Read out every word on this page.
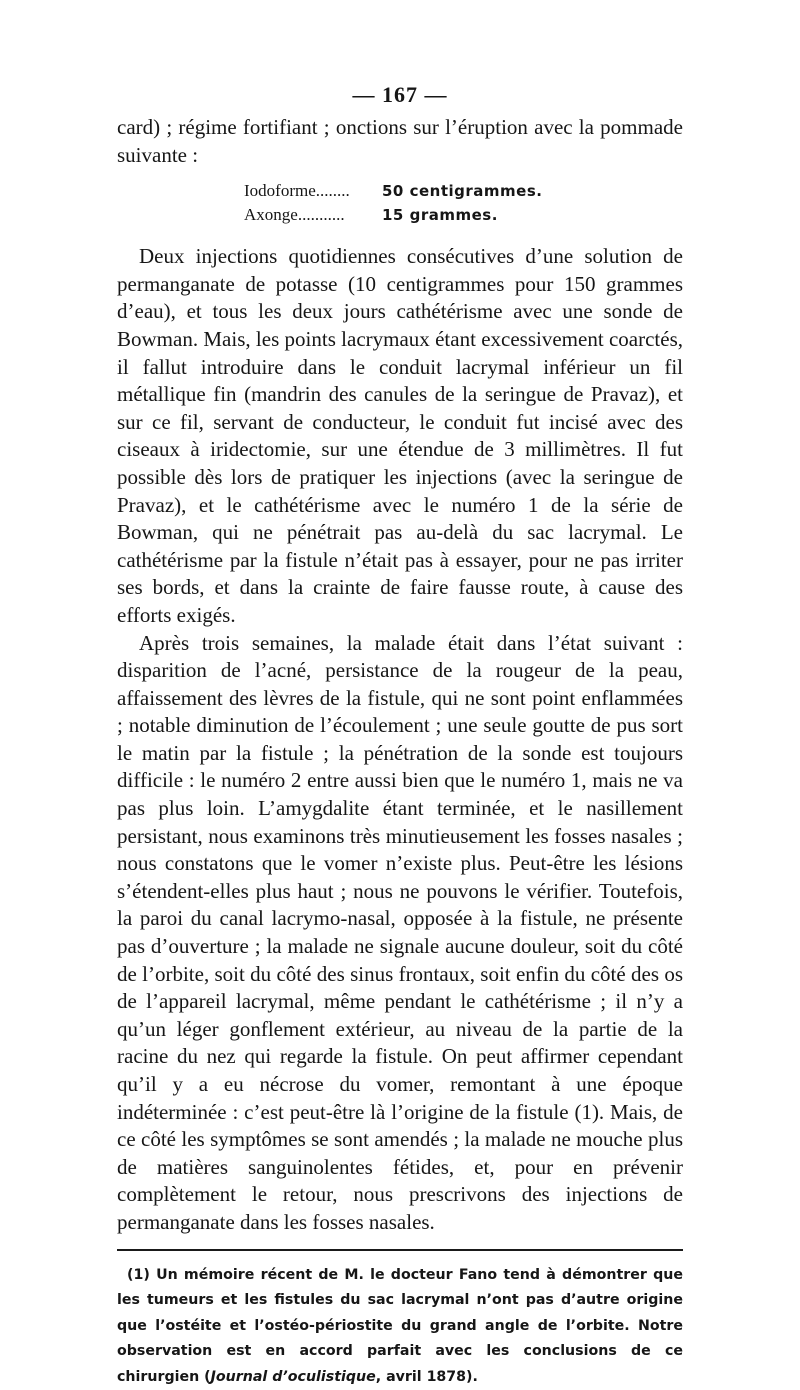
— 167 —

card) ; régime fortifiant ; onctions sur l’éruption avec la pommade suivante :

Iodoforme........	50 centigrammes.
Axonge...........	15 grammes.

Deux injections quotidiennes consécutives d’une solution de permanganate de potasse (10 centigrammes pour 150 grammes d’eau), et tous les deux jours cathétérisme avec une sonde de Bowman. Mais, les points lacrymaux étant excessivement coarctés, il fallut introduire dans le conduit lacrymal inférieur un fil métallique fin (mandrin des canules de la seringue de Pravaz), et sur ce fil, servant de conducteur, le conduit fut incisé avec des ciseaux à iridectomie, sur une étendue de 3 millimètres. Il fut possible dès lors de pratiquer les injections (avec la seringue de Pravaz), et le cathétérisme avec le numéro 1 de la série de Bowman, qui ne pénétrait pas au-delà du sac lacrymal. Le cathétérisme par la fistule n’était pas à essayer, pour ne pas irriter ses bords, et dans la crainte de faire fausse route, à cause des efforts exigés.

Après trois semaines, la malade était dans l’état suivant : disparition de l’acné, persistance de la rougeur de la peau, affaissement des lèvres de la fistule, qui ne sont point enflammées ; notable diminution de l’écoulement ; une seule goutte de pus sort le matin par la fistule ; la pénétration de la sonde est toujours difficile : le numéro 2 entre aussi bien que le numéro 1, mais ne va pas plus loin. L’amygdalite étant terminée, et le nasillement persistant, nous examinons très minutieusement les fosses nasales ; nous constatons que le vomer n’existe plus. Peut-être les lésions s’étendent-elles plus haut ; nous ne pouvons le vérifier. Toutefois, la paroi du canal lacrymo-nasal, opposée à la fistule, ne présente pas d’ouverture ; la malade ne signale aucune douleur, soit du côté de l’orbite, soit du côté des sinus frontaux, soit enfin du côté des os de l’appareil lacrymal, même pendant le cathétérisme ; il n’y a qu’un léger gonflement extérieur, au niveau de la partie de la racine du nez qui regarde la fistule. On peut affirmer cependant qu’il y a eu nécrose du vomer, remontant à une époque indéterminée : c’est peut-être là l’origine de la fistule (1). Mais, de ce côté les symptômes se sont amendés ; la malade ne mouche plus de matières sanguinolentes fétides, et, pour en prévenir complètement le retour, nous prescrivons des injections de permanganate dans les fosses nasales.

(1) Un mémoire récent de M. le docteur Fano tend à démontrer que les tumeurs et les fistules du sac lacrymal n’ont pas d’autre origine que l’ostéite et l’ostéo-périostite du grand angle de l’orbite. Notre observation est en accord parfait avec les conclusions de ce chirurgien (Journal d’oculistique, avril 1878).
